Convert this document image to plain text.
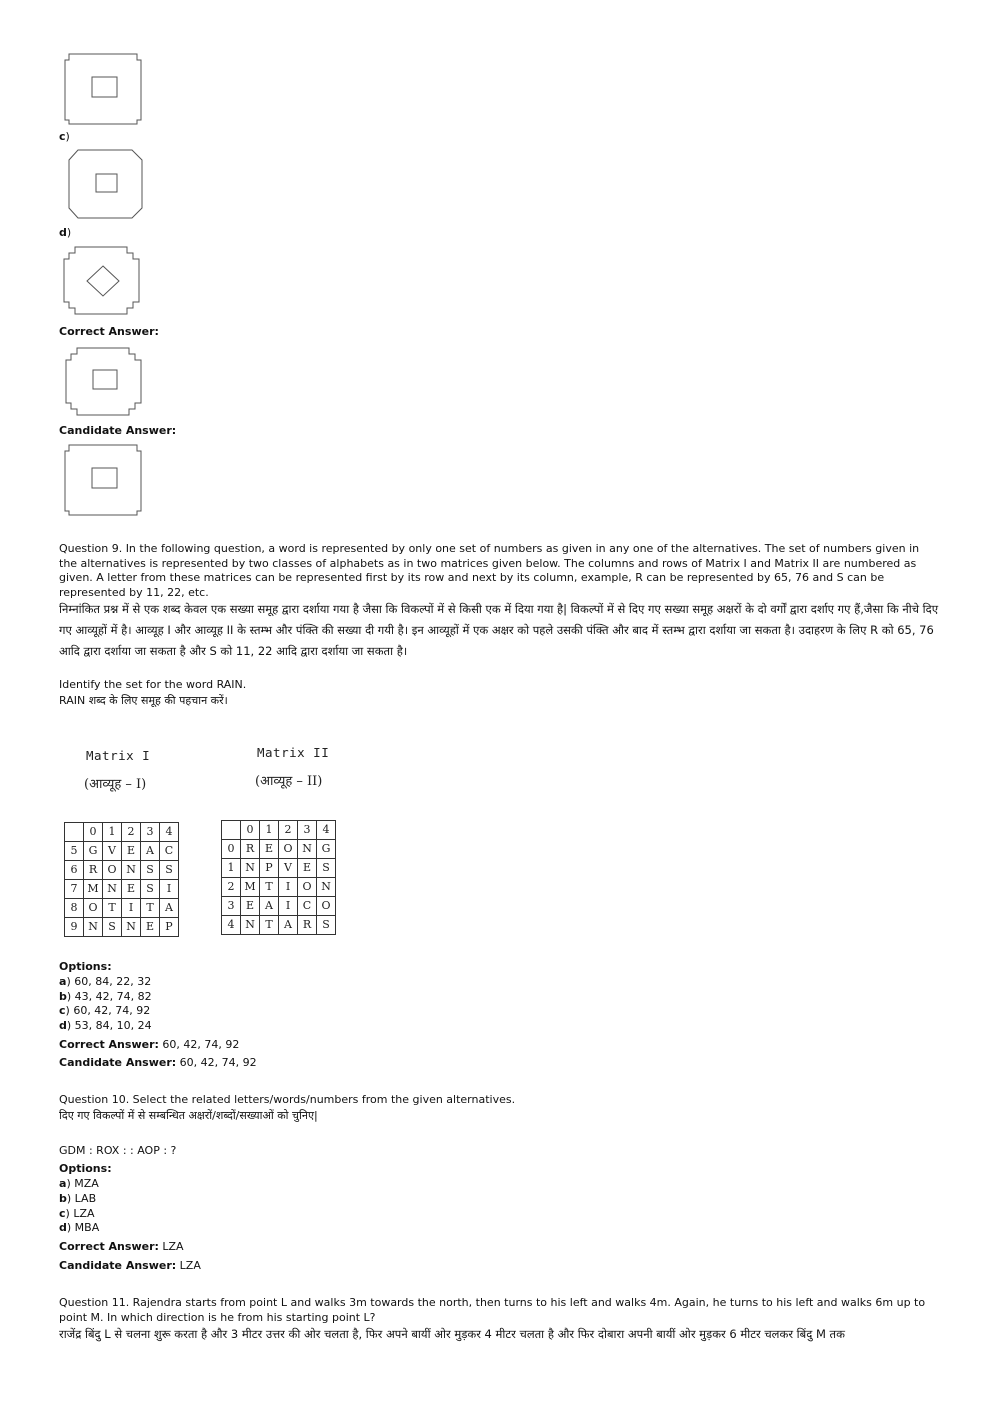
c)
d)
Correct Answer:
Candidate Answer:
Question 9. In the following question, a word is represented by only one set of numbers as given in any one of the alternatives. The set of numbers given in the alternatives is represented by two classes of alphabets as in two matrices given below. The columns and rows of Matrix I and Matrix II are numbered as given. A letter from these matrices can be represented first by its row and next by its column, example, R can be represented by 65, 76 and S can be represented by 11, 22, etc.
निम्नांकित प्रश्न में से एक शब्द केवल एक सख्या समूह द्वारा दर्शाया गया है जैसा कि विकल्पों में से किसी एक में दिया गया है| विकल्पों में से दिए गए सख्या समूह अक्षरों के दो वर्गों द्वारा दर्शाए गए हैं,जैसा कि नीचे दिए गए आव्यूहों में है। आव्यूह I और आव्यूह II के स्तम्भ और पंक्ति की सख्या दी गयी है। इन आव्यूहों में एक अक्षर को पहले उसकी पंक्ति और बाद में स्तम्भ द्वारा दर्शाया जा सकता है। उदाहरण के लिए R को 65, 76 आदि द्वारा दर्शाया जा सकता है और S को 11, 22 आदि द्वारा दर्शाया जा सकता है।
Identify the set for the word RAIN.
RAIN शब्द के लिए समूह की पहचान करें।
Matrix I
(आव्यूह – I)
Matrix II
(आव्यूह – II)
	0	1	2	3	4
5	G	V	E	A	C
6	R	O	N	S	S
7	M	N	E	S	I
8	O	T	I	T	A
9	N	S	N	E	P
	0	1	2	3	4
0	R	E	O	N	G
1	N	P	V	E	S
2	M	T	I	O	N
3	E	A	I	C	O
4	N	T	A	R	S
Options:
a) 60, 84, 22, 32
b) 43, 42, 74, 82
c) 60, 42, 74, 92
d) 53, 84, 10, 24
Correct Answer: 60, 42, 74, 92
Candidate Answer: 60, 42, 74, 92
Question 10. Select the related letters/words/numbers from the given alternatives.
दिए गए विकल्पों में से सम्बन्धित अक्षरों/शब्दों/सख्याओं को चुनिए|
GDM : ROX : : AOP : ?
Options:
a) MZA
b) LAB
c) LZA
d) MBA
Correct Answer: LZA
Candidate Answer: LZA
Question 11. Rajendra starts from point L and walks 3m towards the north, then turns to his left and walks 4m. Again, he turns to his left and walks 6m up to point M. In which direction is he from his starting point L?
राजेंद्र बिंदु L से चलना शुरू करता है और 3 मीटर उत्तर की ओर चलता है, फिर अपने बायीं ओर मुड़कर 4 मीटर चलता है और फिर दोबारा अपनी बायीं ओर मुड़कर 6 मीटर चलकर बिंदु M तक
